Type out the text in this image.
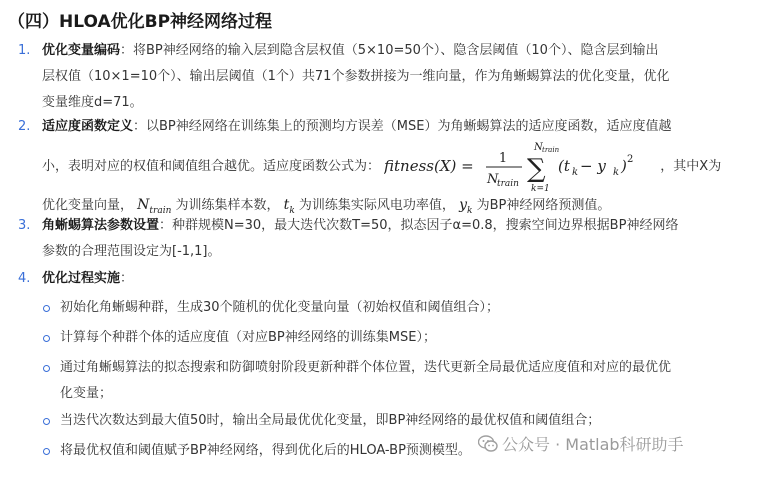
（四）HLOA优化BP神经网络过程
1. 优化变量编码：将BP神经网络的输入层到隐含层权值（5×10=50个）、隐含层阈值（10个）、隐含层到输出
层权值（10×1=10个）、输出层阈值（1个）共71个参数拼接为一维向量，作为角蜥蜴算法的优化变量，优化
变量维度d=71。
2. 适应度函数定义：以BP神经网络在训练集上的预测均方误差（MSE）为角蜥蜴算法的适应度函数，适应度值越
小，表明对应的权值和阈值组合越优。适应度函数公式为： fitness(X) = 1
N
train ∑
N train
k=1
(t k − y k ) 2 ，其中X为
优化变量向量， $N_{train}$ 为训练集样本数， $t_k$ 为训练集实际风电功率值， $y_k$ 为BP神经网络预测值。
3. 角蜥蜴算法参数设置：种群规模N=30，最大迭代次数T=50，拟态因子α=0.8，搜索空间边界根据BP神经网络
参数的合理范围设定为[-1,1]。
4. 优化过程实施：
初始化角蜥蜴种群，生成30个随机的优化变量向量（初始权值和阈值组合）；
计算每个种群个体的适应度值（对应BP神经网络的训练集MSE）；
通过角蜥蜴算法的拟态搜索和防御喷射阶段更新种群个体位置，迭代更新全局最优适应度值和对应的最优优
化变量；
当迭代次数达到最大值50时，输出全局最优优化变量，即BP神经网络的最优权值和阈值组合；
将最优权值和阈值赋予BP神经网络，得到优化后的HLOA-BP预测模型。	公众号 · Matlab科研助手
